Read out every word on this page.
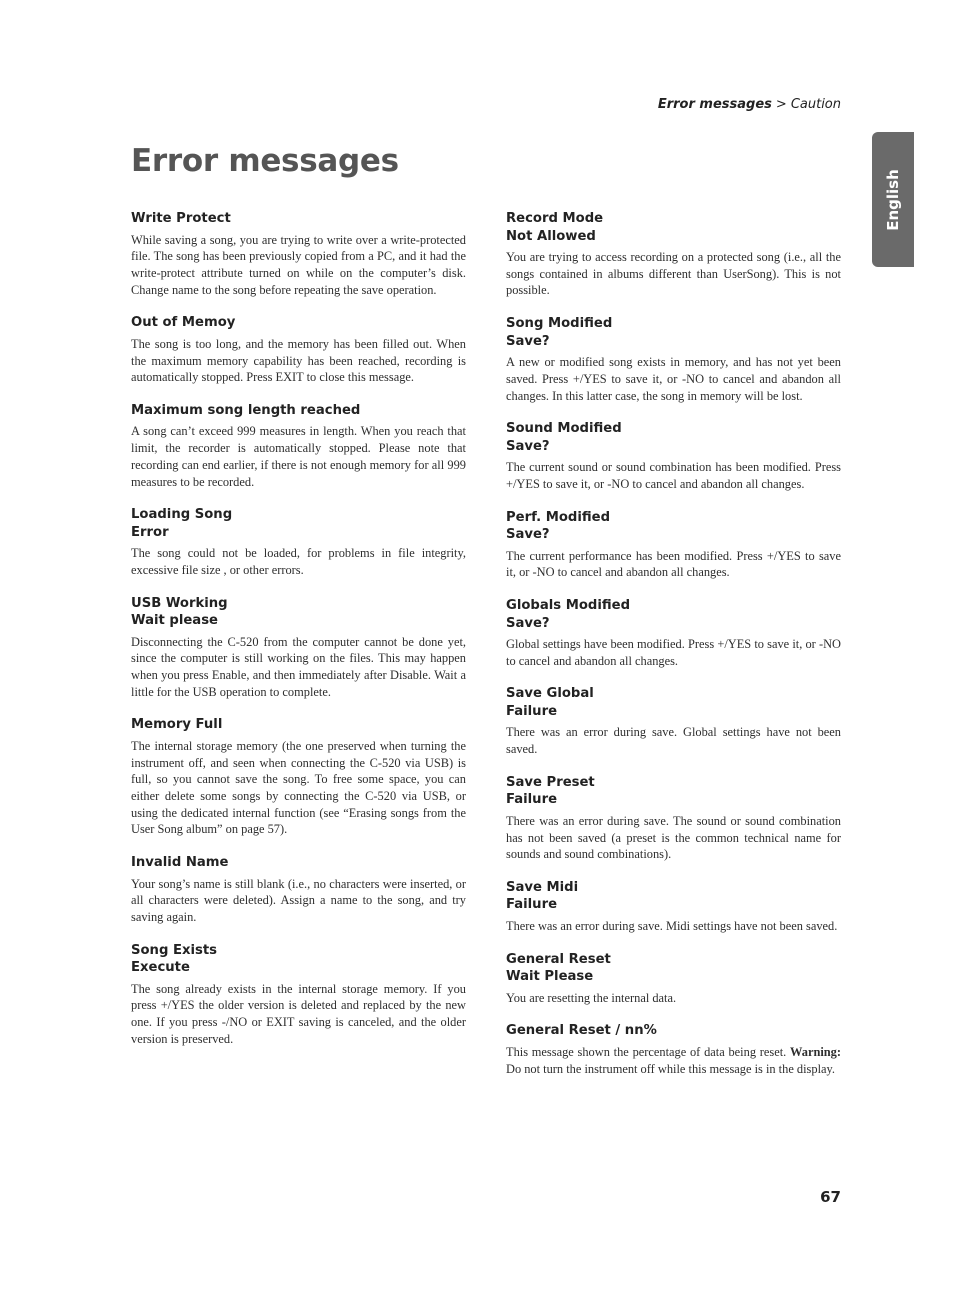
Error messages > Caution
Error messages
English
Write Protect

While saving a song, you are trying to write over a write-protected file. The song has been previously copied from a PC, and it had the write-protect attribute turned on while on the computer’s disk. Change name to the song before repeating the save operation.

Out of Memoy

The song is too long, and the memory has been filled out. When the maximum memory capability has been reached, recording is automatically stopped. Press EXIT to close this message.

Maximum song length reached

A song can’t exceed 999 measures in length. When you reach that limit, the recorder is automatically stopped. Please note that recording can end earlier, if there is not enough memory for all 999 measures to be recorded.

Loading Song
Error

The song could not be loaded, for problems in file integrity, excessive file size , or other errors.

USB Working
Wait please

Disconnecting the C-520 from the computer cannot be done yet, since the computer is still working on the files. This may happen when you press Enable, and then immediately after Disable. Wait a little for the USB operation to complete.

Memory Full

The internal storage memory (the one preserved when turning the instrument off, and seen when connecting the C-520 via USB) is full, so you cannot save the song. To free some space, you can either delete some songs by connecting the C-520 via USB, or using the dedicated internal function (see “Erasing songs from the User Song album” on page 57).

Invalid Name

Your song’s name is still blank (i.e., no characters were inserted, or all characters were deleted). Assign a name to the song, and try saving again.

Song Exists
Execute

The song already exists in the internal storage memory. If you press +/YES the older version is deleted and replaced by the new one. If you press -/NO or EXIT saving is canceled, and the older version is preserved.

Record Mode
Not Allowed

You are trying to access recording on a protected song (i.e., all the songs contained in albums different than UserSong). This is not possible.

Song Modified
Save?

A new or modified song exists in memory, and has not yet been saved. Press +/YES to save it, or -NO to cancel and abandon all changes. In this latter case, the song in memory will be lost.

Sound Modified
Save?

The current sound or sound combination has been modified. Press +/YES to save it, or -NO to cancel and abandon all changes.

Perf. Modified
Save?

The current performance has been modified. Press +/YES to save it, or -NO to cancel and abandon all changes.

Globals Modified
Save?

Global settings have been modified. Press +/YES to save it, or -NO to cancel and abandon all changes.

Save Global
Failure

There was an error during save. Global settings have not been saved.

Save Preset
Failure

There was an error during save. The sound or sound combination has not been saved (a preset is the common technical name for sounds and sound combinations).

Save Midi
Failure

There was an error during save. Midi settings have not been saved.

General Reset
Wait Please

You are resetting the internal data.

General Reset / nn%

This message shown the percentage of data being reset. Warning: Do not turn the instrument off while this message is in the display.

67
